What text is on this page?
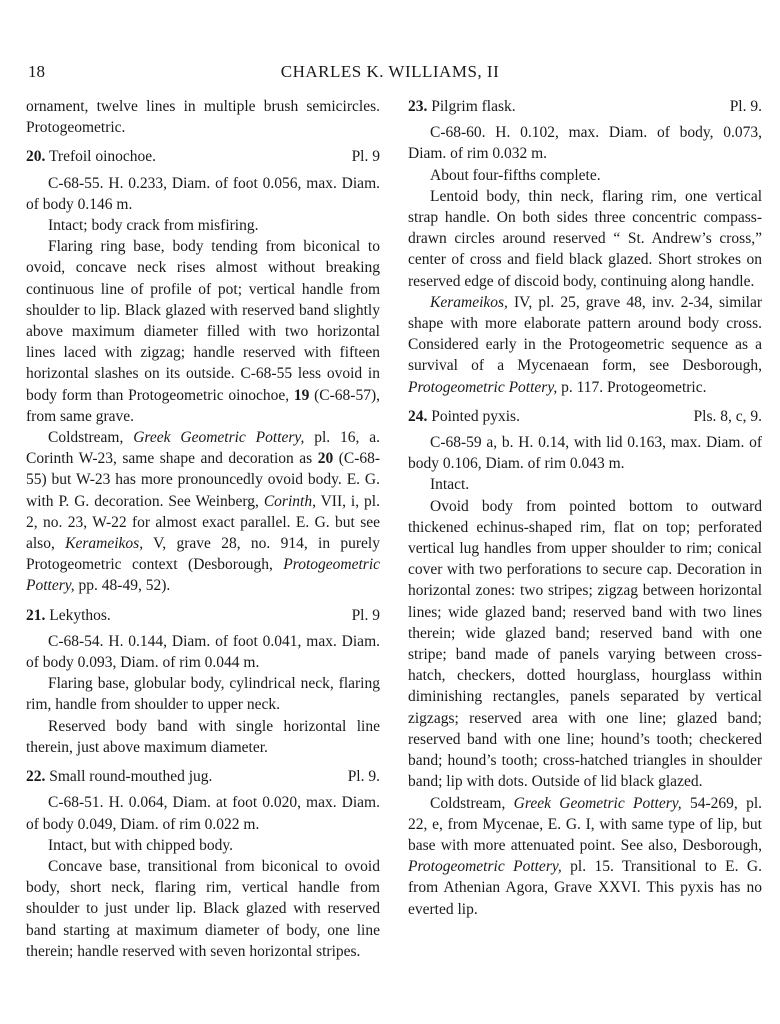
18	CHARLES K. WILLIAMS, II

ornament, twelve lines in multiple brush semicircles. Protogeometric.

20. Trefoil oinochoe.	Pl. 9

C-68-55. H. 0.233, Diam. of foot 0.056, max. Diam. of body 0.146 m.

Intact; body crack from misfiring.

Flaring ring base, body tending from biconical to ovoid, concave neck rises almost without breaking continuous line of profile of pot; vertical handle from shoulder to lip. Black glazed with reserved band slightly above maximum diameter filled with two horizontal lines laced with zigzag; handle reserved with fifteen horizontal slashes on its outside. C-68-55 less ovoid in body form than Protogeometric oinochoe, 19 (C-68-57), from same grave.

Coldstream, Greek Geometric Pottery, pl. 16, a. Corinth W-23, same shape and decoration as 20 (C-68-55) but W-23 has more pronouncedly ovoid body. E. G. with P. G. decoration. See Weinberg, Corinth, VII, i, pl. 2, no. 23, W-22 for almost exact parallel. E. G. but see also, Kerameikos, V, grave 28, no. 914, in purely Protogeometric context (Desborough, Protogeometric Pottery, pp. 48-49, 52).

21. Lekythos.	Pl. 9

C-68-54. H. 0.144, Diam. of foot 0.041, max. Diam. of body 0.093, Diam. of rim 0.044 m.

Flaring base, globular body, cylindrical neck, flaring rim, handle from shoulder to upper neck.

Reserved body band with single horizontal line therein, just above maximum diameter.

22. Small round-mouthed jug.	Pl. 9.

C-68-51. H. 0.064, Diam. at foot 0.020, max. Diam. of body 0.049, Diam. of rim 0.022 m.

Intact, but with chipped body.

Concave base, transitional from biconical to ovoid body, short neck, flaring rim, vertical handle from shoulder to just under lip. Black glazed with reserved band starting at maximum diameter of body, one line therein; handle reserved with seven horizontal stripes.

23. Pilgrim flask.	Pl. 9.

C-68-60. H. 0.102, max. Diam. of body, 0.073, Diam. of rim 0.032 m.

About four-fifths complete.

Lentoid body, thin neck, flaring rim, one vertical strap handle. On both sides three concentric compass-drawn circles around reserved “ St. Andrew’s cross,” center of cross and field black glazed. Short strokes on reserved edge of discoid body, continuing along handle.

Kerameikos, IV, pl. 25, grave 48, inv. 2-34, similar shape with more elaborate pattern around body cross. Considered early in the Protogeometric sequence as a survival of a Mycenaean form, see Desborough, Protogeometric Pottery, p. 117. Protogeometric.

24. Pointed pyxis.	Pls. 8, c, 9.

C-68-59 a, b. H. 0.14, with lid 0.163, max. Diam. of body 0.106, Diam. of rim 0.043 m.

Intact.

Ovoid body from pointed bottom to outward thickened echinus-shaped rim, flat on top; perforated vertical lug handles from upper shoulder to rim; conical cover with two perforations to secure cap. Decoration in horizontal zones: two stripes; zigzag between horizontal lines; wide glazed band; reserved band with two lines therein; wide glazed band; reserved band with one stripe; band made of panels varying between cross-hatch, checkers, dotted hourglass, hourglass within diminishing rectangles, panels separated by vertical zigzags; reserved area with one line; glazed band; reserved band with one line; hound’s tooth; checkered band; hound’s tooth; cross-hatched triangles in shoulder band; lip with dots. Outside of lid black glazed.

Coldstream, Greek Geometric Pottery, 54-269, pl. 22, e, from Mycenae, E. G. I, with same type of lip, but base with more attenuated point. See also, Desborough, Protogeometric Pottery, pl. 15. Transitional to E. G. from Athenian Agora, Grave XXVI. This pyxis has no everted lip.
